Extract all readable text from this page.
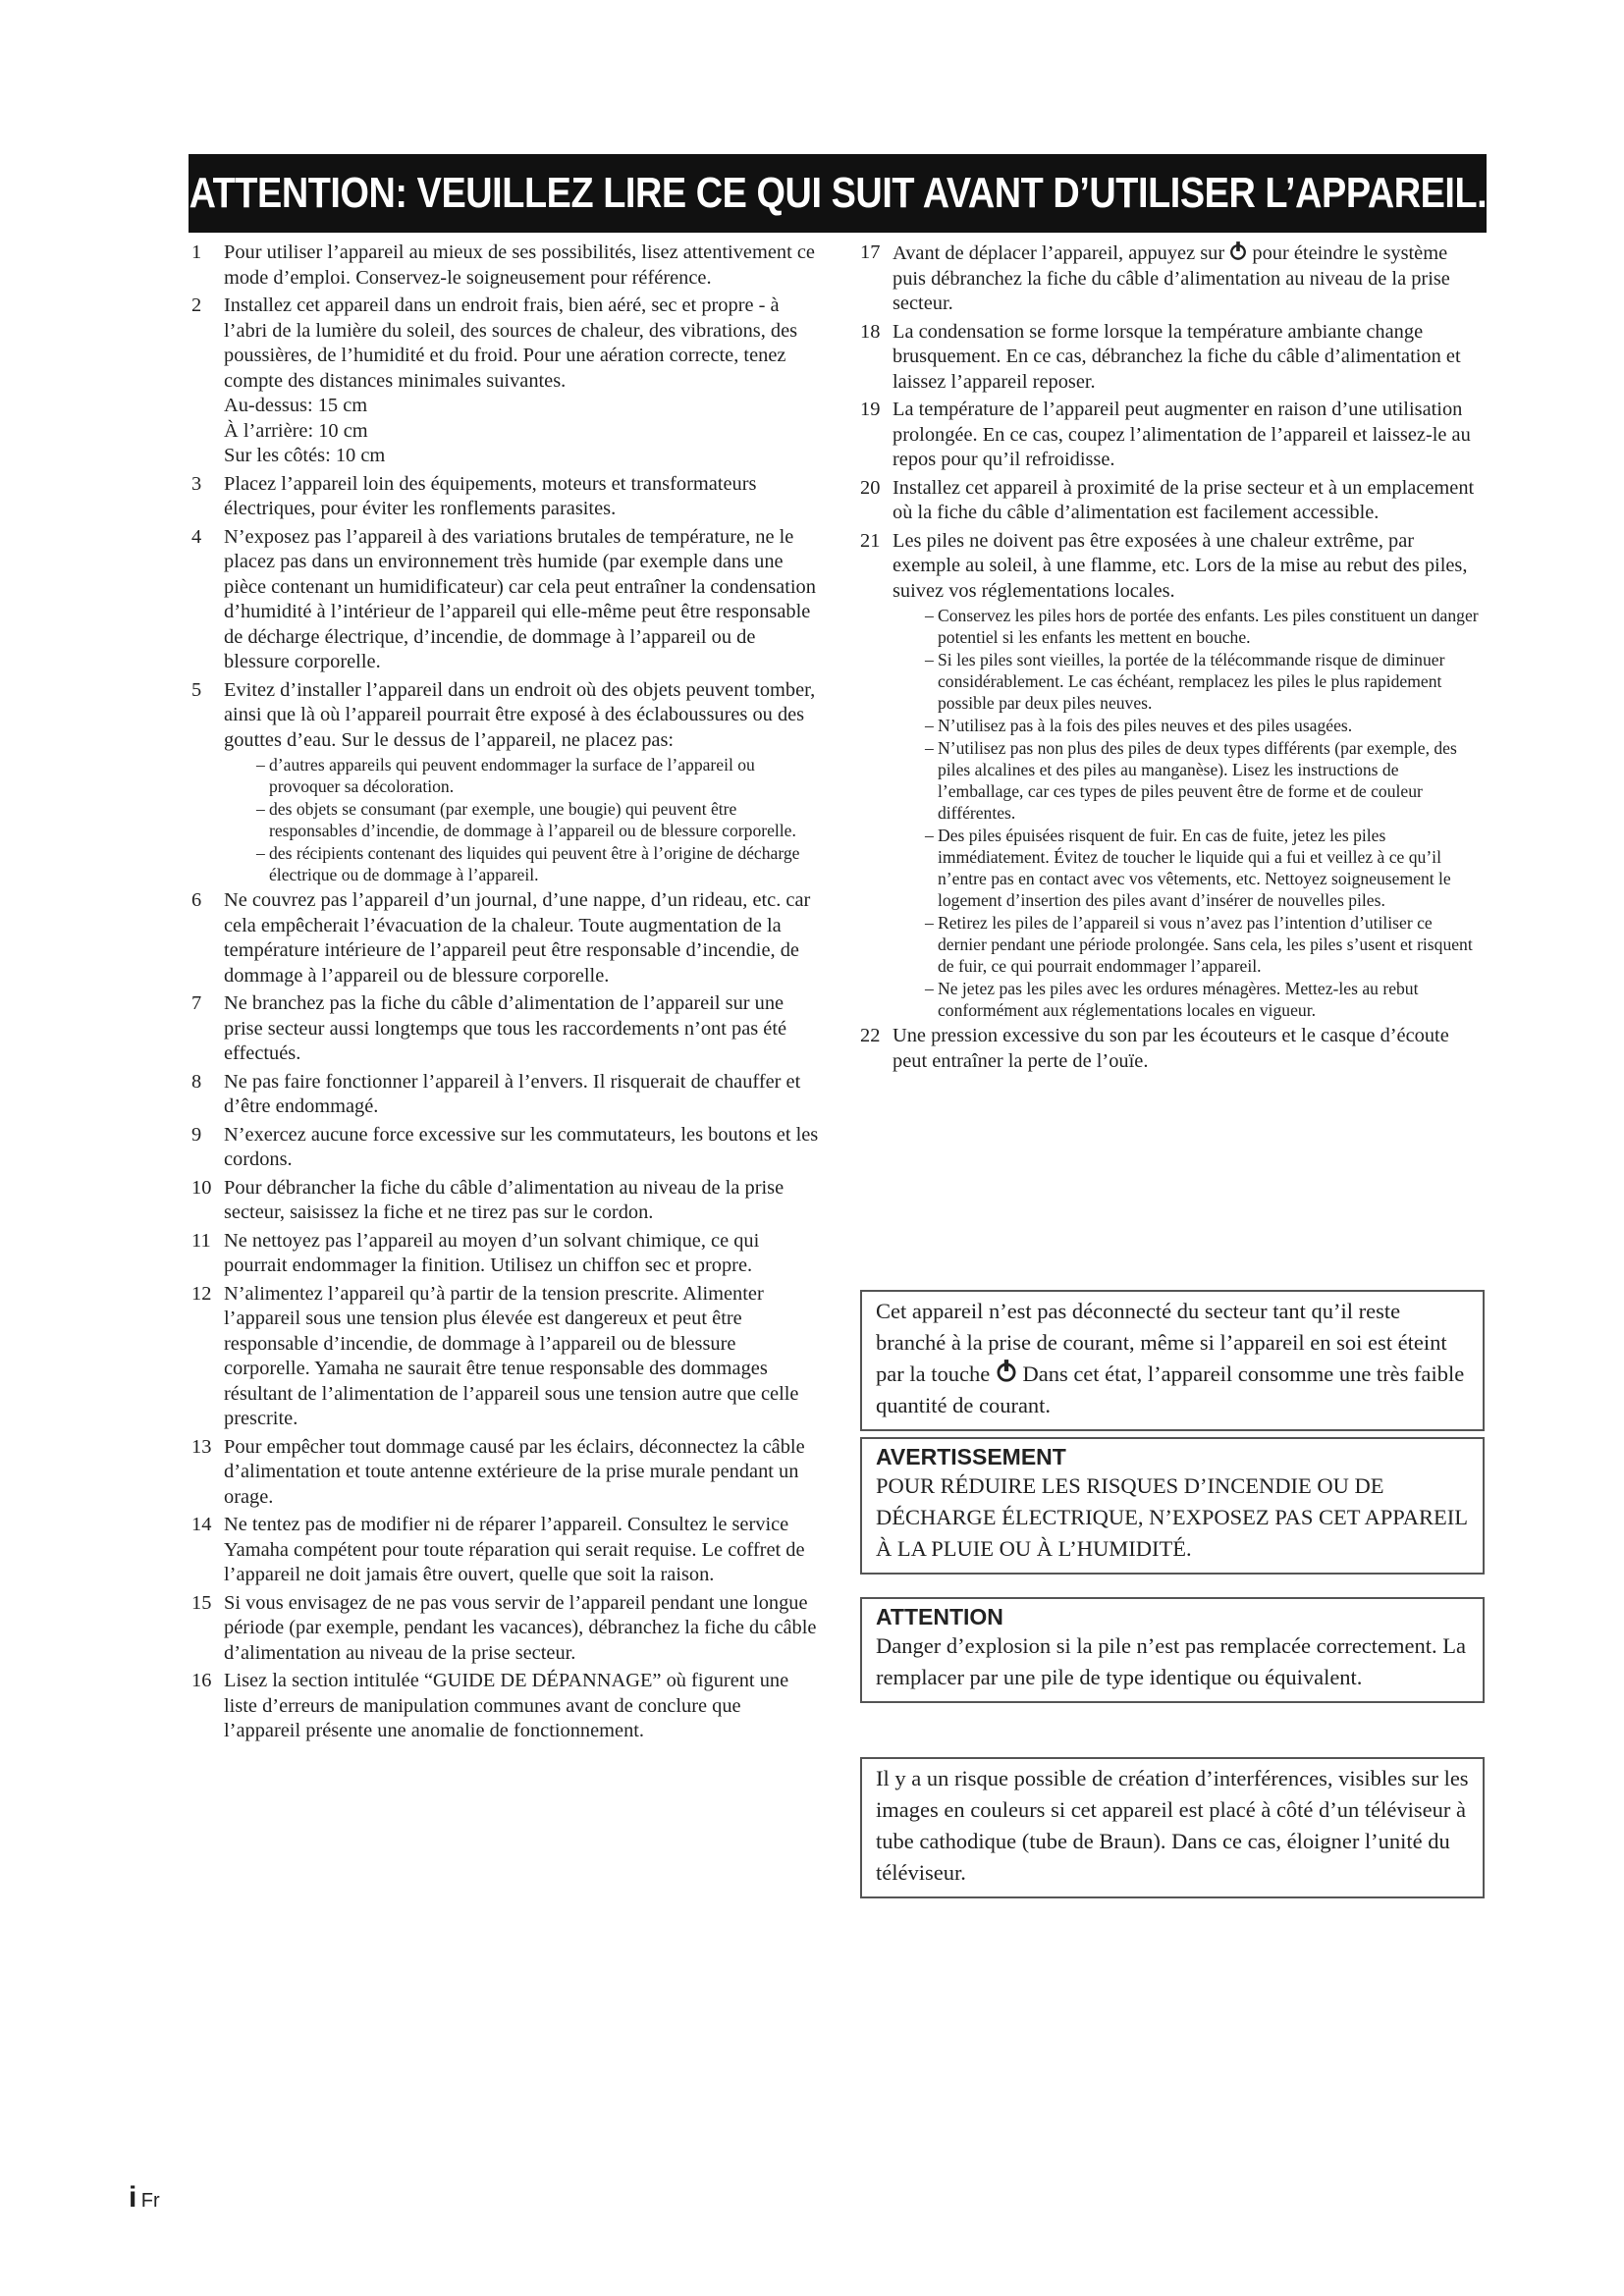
ATTENTION: VEUILLEZ LIRE CE QUI SUIT AVANT D’UTILISER L’APPAREIL.
1 Pour utiliser l’appareil au mieux de ses possibilités, lisez attentivement ce mode d’emploi. Conservez-le soigneusement pour référence.
2 Installez cet appareil dans un endroit frais, bien aéré, sec et propre - à l’abri de la lumière du soleil, des sources de chaleur, des vibrations, des poussières, de l’humidité et du froid. Pour une aération correcte, tenez compte des distances minimales suivantes.
Au-dessus: 15 cm
À l’arrière: 10 cm
Sur les côtés: 10 cm
3 Placez l’appareil loin des équipements, moteurs et transformateurs électriques, pour éviter les ronflements parasites.
4 N’exposez pas l’appareil à des variations brutales de température, ne le placez pas dans un environnement très humide (par exemple dans une pièce contenant un humidificateur) car cela peut entraîner la condensation d’humidité à l’intérieur de l’appareil qui elle-même peut être responsable de décharge électrique, d’incendie, de dommage à l’appareil ou de blessure corporelle.
5 Evitez d’installer l’appareil dans un endroit où des objets peuvent tomber, ainsi que là où l’appareil pourrait être exposé à des éclaboussures ou des gouttes d’eau. Sur le dessus de l’appareil, ne placez pas:
– d’autres appareils qui peuvent endommager la surface de l’appareil ou provoquer sa décoloration.
– des objets se consumant (par exemple, une bougie) qui peuvent être responsables d’incendie, de dommage à l’appareil ou de blessure corporelle.
– des récipients contenant des liquides qui peuvent être à l’origine de décharge électrique ou de dommage à l’appareil.
6 Ne couvrez pas l’appareil d’un journal, d’une nappe, d’un rideau, etc. car cela empêcherait l’évacuation de la chaleur. Toute augmentation de la température intérieure de l’appareil peut être responsable d’incendie, de dommage à l’appareil ou de blessure corporelle.
7 Ne branchez pas la fiche du câble d’alimentation de l’appareil sur une prise secteur aussi longtemps que tous les raccordements n’ont pas été effectués.
8 Ne pas faire fonctionner l’appareil à l’envers. Il risquerait de chauffer et d’être endommagé.
9 N’exercez aucune force excessive sur les commutateurs, les boutons et les cordons.
10 Pour débrancher la fiche du câble d’alimentation au niveau de la prise secteur, saisissez la fiche et ne tirez pas sur le cordon.
11 Ne nettoyez pas l’appareil au moyen d’un solvant chimique, ce qui pourrait endommager la finition. Utilisez un chiffon sec et propre.
12 N’alimentez l’appareil qu’à partir de la tension prescrite. Alimenter l’appareil sous une tension plus élevée est dangereux et peut être responsable d’incendie, de dommage à l’appareil ou de blessure corporelle. Yamaha ne saurait être tenue responsable des dommages résultant de l’alimentation de l’appareil sous une tension autre que celle prescrite.
13 Pour empêcher tout dommage causé par les éclairs, déconnectez la câble d’alimentation et toute antenne extérieure de la prise murale pendant un orage.
14 Ne tentez pas de modifier ni de réparer l’appareil. Consultez le service Yamaha compétent pour toute réparation qui serait requise. Le coffret de l’appareil ne doit jamais être ouvert, quelle que soit la raison.
15 Si vous envisagez de ne pas vous servir de l’appareil pendant une longue période (par exemple, pendant les vacances), débranchez la fiche du câble d’alimentation au niveau de la prise secteur.
16 Lisez la section intitulée “GUIDE DE DÉPANNAGE” où figurent une liste d’erreurs de manipulation communes avant de conclure que l’appareil présente une anomalie de fonctionnement.
17 Avant de déplacer l’appareil, appuyez sur pour éteindre le système puis débranchez la fiche du câble d’alimentation au niveau de la prise secteur.
18 La condensation se forme lorsque la température ambiante change brusquement. En ce cas, débranchez la fiche du câble d’alimentation et laissez l’appareil reposer.
19 La température de l’appareil peut augmenter en raison d’une utilisation prolongée. En ce cas, coupez l’alimentation de l’appareil et laissez-le au repos pour qu’il refroidisse.
20 Installez cet appareil à proximité de la prise secteur et à un emplacement où la fiche du câble d’alimentation est facilement accessible.
21 Les piles ne doivent pas être exposées à une chaleur extrême, par exemple au soleil, à une flamme, etc. Lors de la mise au rebut des piles, suivez vos réglementations locales.
– Conservez les piles hors de portée des enfants. Les piles constituent un danger potentiel si les enfants les mettent en bouche.
– Si les piles sont vieilles, la portée de la télécommande risque de diminuer considérablement. Le cas échéant, remplacez les piles le plus rapidement possible par deux piles neuves.
– N’utilisez pas à la fois des piles neuves et des piles usagées.
– N’utilisez pas non plus des piles de deux types différents (par exemple, des piles alcalines et des piles au manganèse). Lisez les instructions de l’emballage, car ces types de piles peuvent être de forme et de couleur différentes.
– Des piles épuisées risquent de fuir. En cas de fuite, jetez les piles immédiatement. Évitez de toucher le liquide qui a fui et veillez à ce qu’il n’entre pas en contact avec vos vêtements, etc. Nettoyez soigneusement le logement d’insertion des piles avant d’insérer de nouvelles piles.
– Retirez les piles de l’appareil si vous n’avez pas l’intention d’utiliser ce dernier pendant une période prolongée. Sans cela, les piles s’usent et risquent de fuir, ce qui pourrait endommager l’appareil.
– Ne jetez pas les piles avec les ordures ménagères. Mettez-les au rebut conformément aux réglementations locales en vigueur.
22 Une pression excessive du son par les écouteurs et le casque d’écoute peut entraîner la perte de l’ouïe.
Cet appareil n’est pas déconnecté du secteur tant qu’il reste branché à la prise de courant, même si l’appareil en soi est éteint par la touche Dans cet état, l’appareil consomme une très faible quantité de courant.
AVERTISSEMENT
POUR RÉDUIRE LES RISQUES D’INCENDIE OU DE DÉCHARGE ÉLECTRIQUE, N’EXPOSEZ PAS CET APPAREIL À LA PLUIE OU À L’HUMIDITÉ.
ATTENTION
Danger d’explosion si la pile n’est pas remplacée correctement. La remplacer par une pile de type identique ou équivalent.
Il y a un risque possible de création d’interférences, visibles sur les images en couleurs si cet appareil est placé à côté d’un téléviseur à tube cathodique (tube de Braun). Dans ce cas, éloigner l’unité du téléviseur.
i Fr
